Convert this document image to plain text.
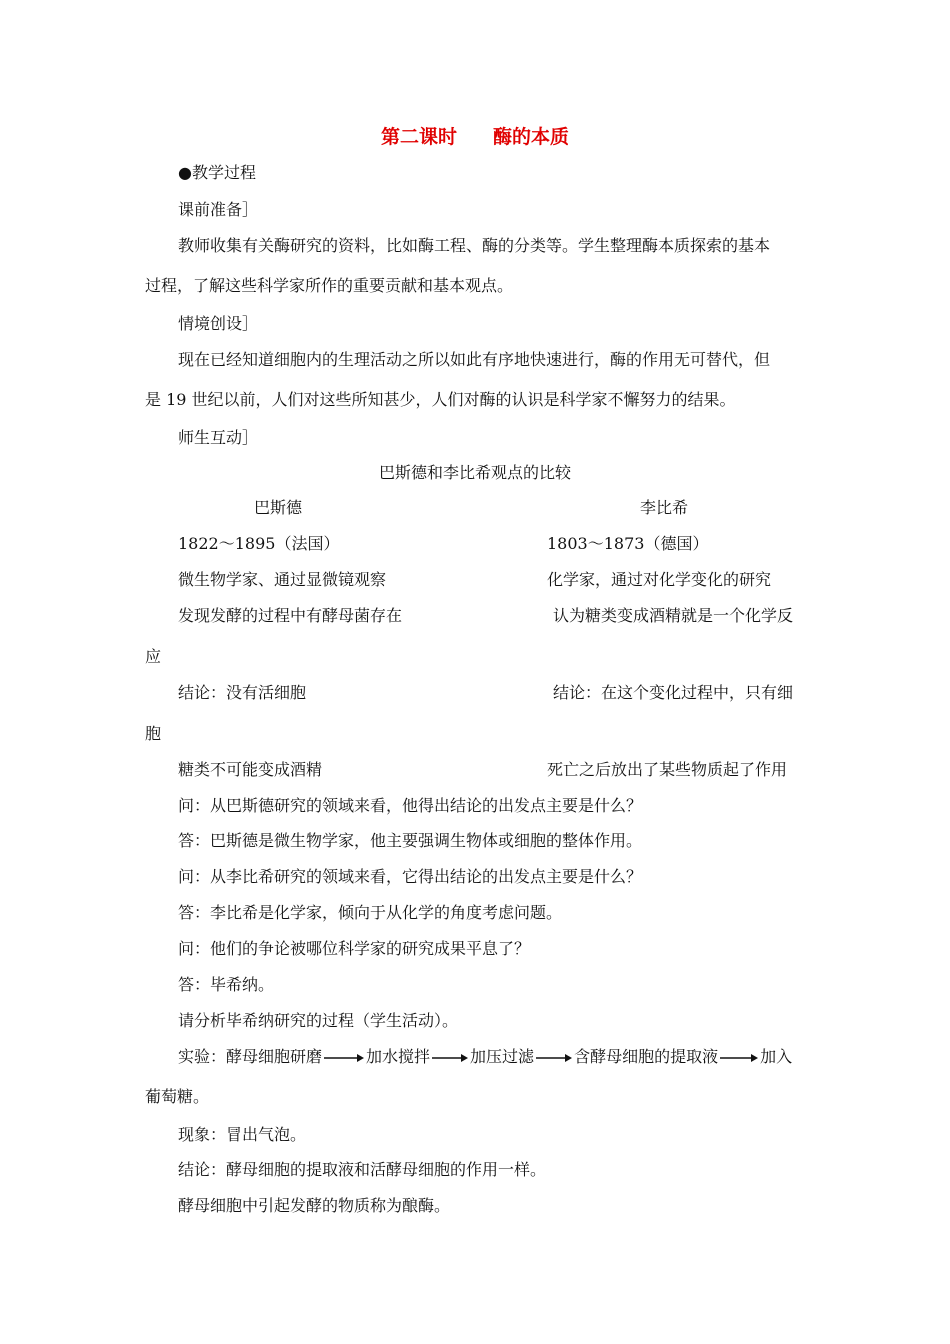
第二课时 酶的本质
●教学过程
课前准备］
教师收集有关酶研究的资料，比如酶工程、酶的分类等。学生整理酶本质探索的基本
过程，了解这些科学家所作的重要贡献和基本观点。
情境创设］
现在已经知道细胞内的生理活动之所以如此有序地快速进行，酶的作用无可替代，但
是 19 世纪以前，人们对这些所知甚少，人们对酶的认识是科学家不懈努力的结果。
师生互动］
巴斯德和李比希观点的比较
巴斯德	李比希
1822～1895（法国）	1803～1873（德国）
微生物学家、通过显微镜观察	化学家，通过对化学变化的研究
发现发酵的过程中有酵母菌存在	认为糖类变成酒精就是一个化学反
应
结论：没有活细胞	结论：在这个变化过程中，只有细
胞
糖类不可能变成酒精	死亡之后放出了某些物质起了作用
问：从巴斯德研究的领域来看，他得出结论的出发点主要是什么？
答：巴斯德是微生物学家，他主要强调生物体或细胞的整体作用。
问：从李比希研究的领域来看，它得出结论的出发点主要是什么？
答：李比希是化学家，倾向于从化学的角度考虑问题。
问：他们的争论被哪位科学家的研究成果平息了？
答：毕希纳。
请分析毕希纳研究的过程（学生活动）。
实验：酵母细胞研磨	加水搅拌	加压过滤	含酵母细胞的提取液	加入
葡萄糖。
现象：冒出气泡。
结论：酵母细胞的提取液和活酵母细胞的作用一样。
酵母细胞中引起发酵的物质称为酿酶。
